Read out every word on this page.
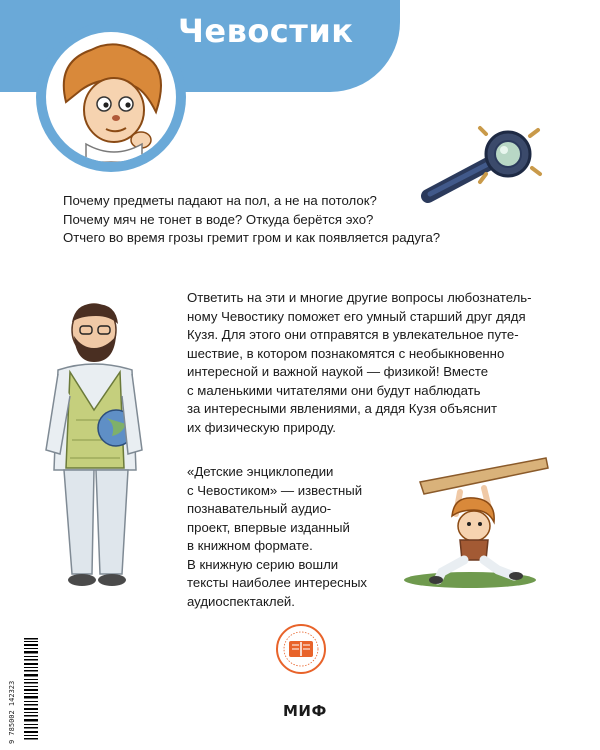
Чевостик
Почему предметы падают на пол, а не на потолок?
Почему мяч не тонет в воде? Откуда берётся эхо?
Отчего во время грозы гремит гром и как появляется радуга?
Ответить на эти и многие другие вопросы любознатель-
ному Чевостику поможет его умный старший друг дядя
Кузя. Для этого они отправятся в увлекательное путе-
шествие, в котором познакомятся с необыкновенно
интересной и важной наукой — физикой! Вместе
с маленькими читателями они будут наблюдать
за интересными явлениями, а дядя Кузя объяснит
их физическую природу.
«Детские энциклопедии
с Чевостиком» — известный
познавательный аудио-
проект, впервые изданный
в книжном формате.
В книжную серию вошли
тексты наиболее интересных
аудиоспектаклей.
9 785002 142323	МИФ
